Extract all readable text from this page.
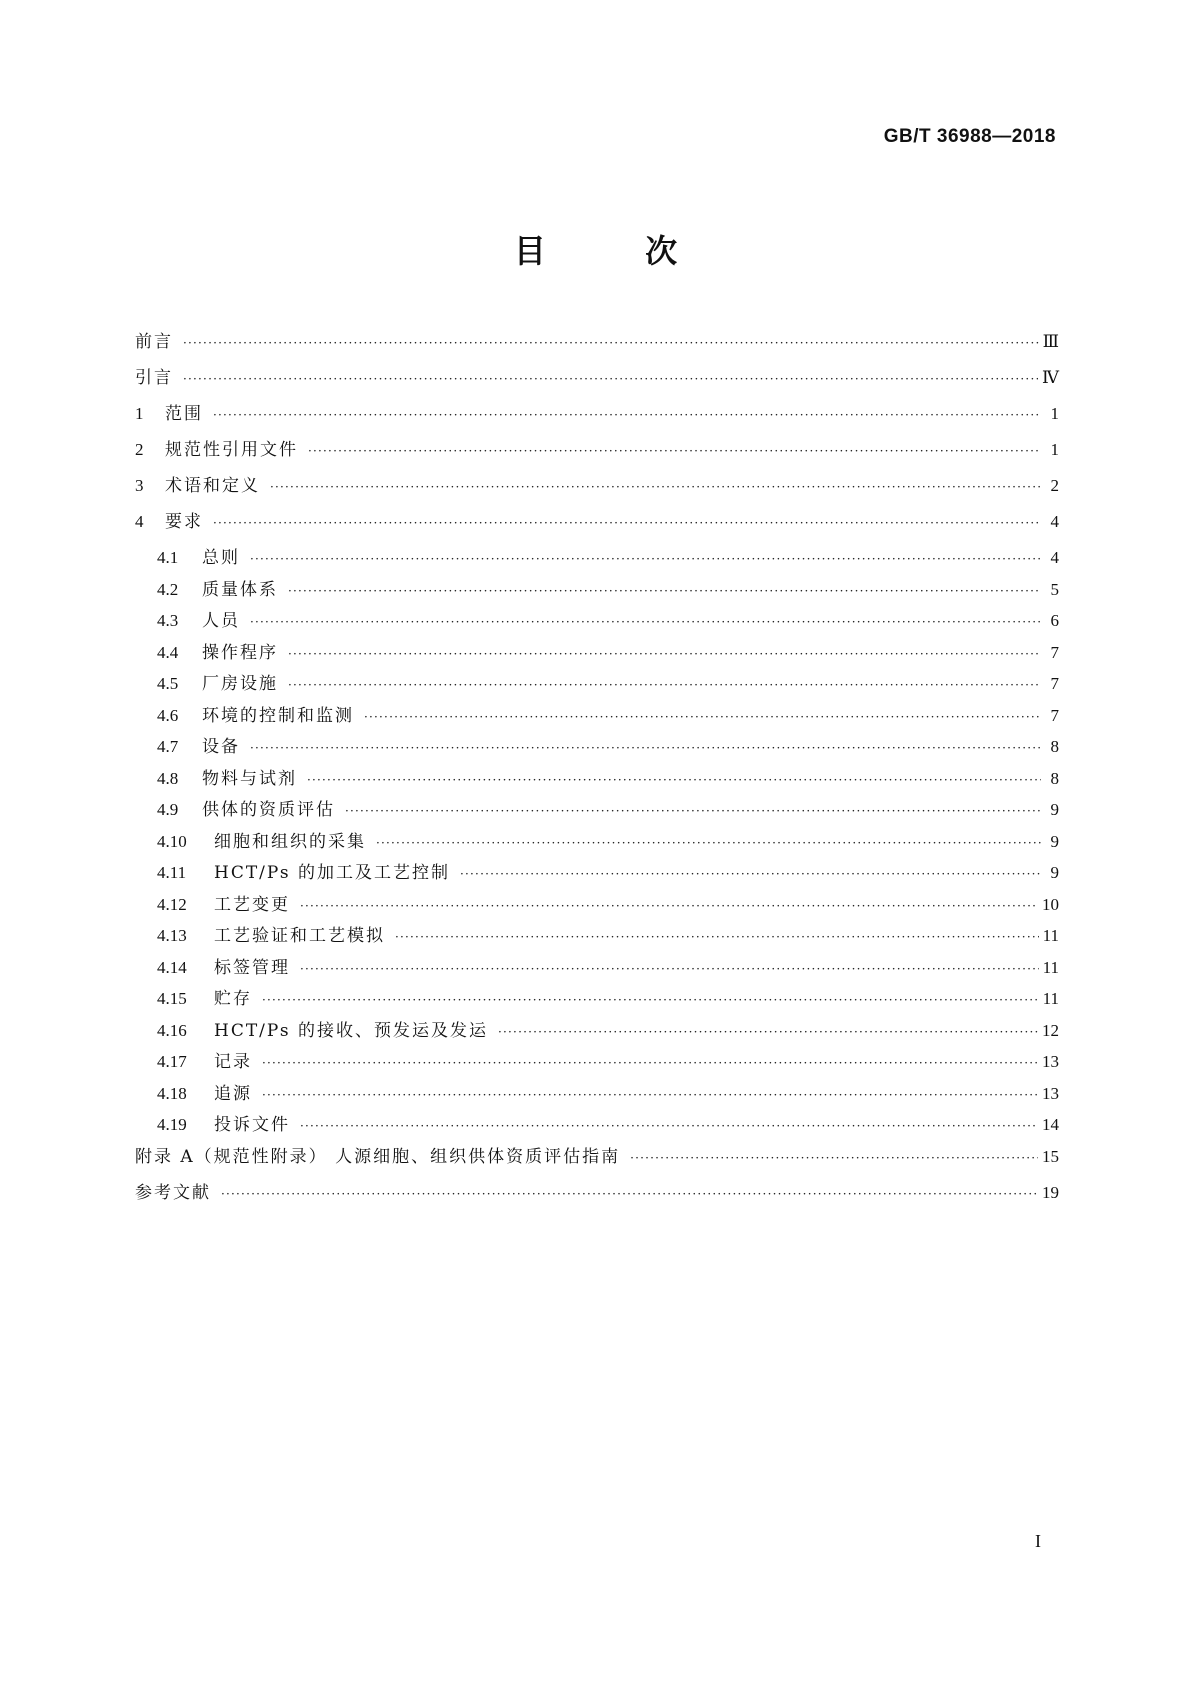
GB/T 36988—2018
目 次
前言 ·····	Ⅲ
引言 ·····	Ⅳ
1	范围 ·····	1
2	规范性引用文件 ·····	1
3	术语和定义 ·····	2
4	要求 ·····	4
4.1	总则 ·····	4
4.2	质量体系 ·····	5
4.3	人员 ·····	6
4.4	操作程序 ·····	7
4.5	厂房设施 ·····	7
4.6	环境的控制和监测 ·····	7
4.7	设备 ·····	8
4.8	物料与试剂 ·····	8
4.9	供体的资质评估 ·····	9
4.10	细胞和组织的采集 ·····	9
4.11	HCT/Ps 的加工及工艺控制 ·····	9
4.12	工艺变更 ·····	10
4.13	工艺验证和工艺模拟 ·····	11
4.14	标签管理 ·····	11
4.15	贮存 ·····	11
4.16	HCT/Ps 的接收、预发运及发运 ·····	12
4.17	记录 ·····	13
4.18	追源 ·····	13
4.19	投诉文件 ·····	14
附录 A（规范性附录） 人源细胞、组织供体资质评估指南 ·····	15
参考文献 ·····	19
I
